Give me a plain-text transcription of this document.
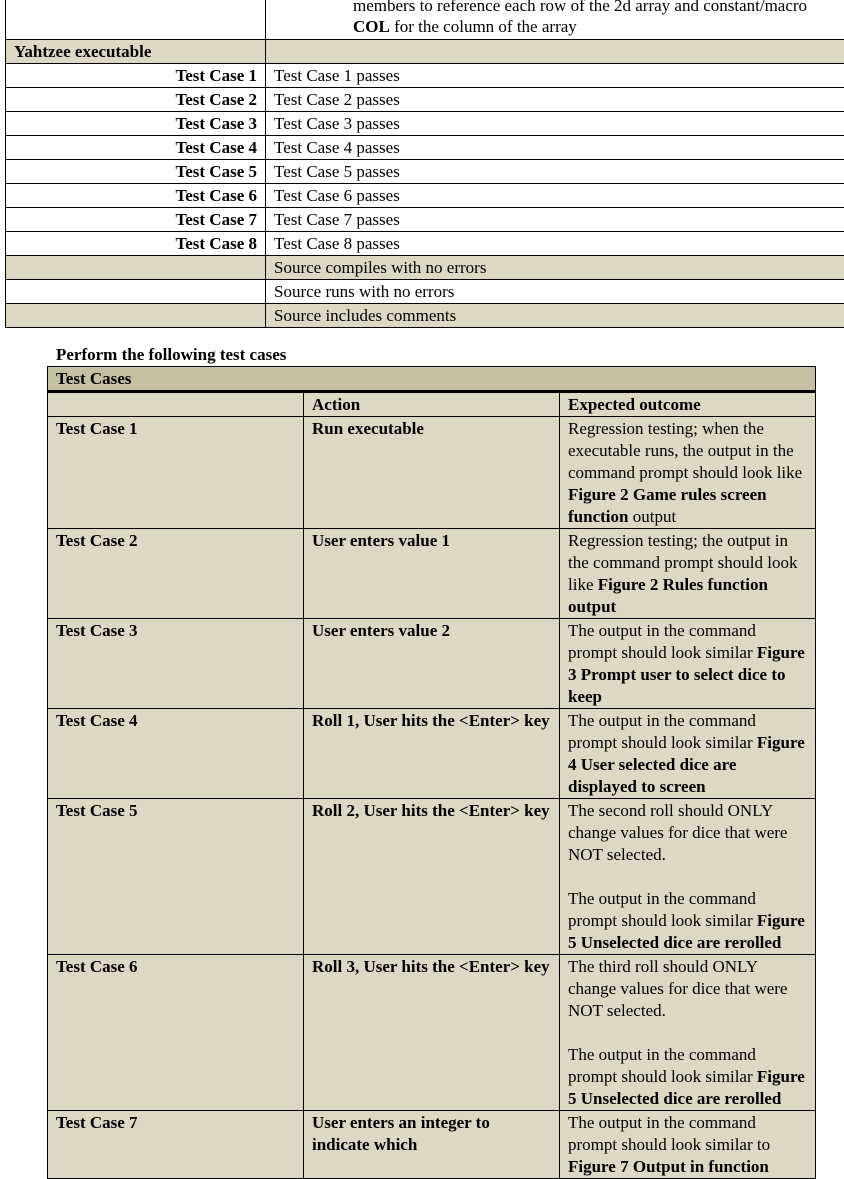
	members to reference each row of the 2d array and constant/macro COL for the column of the array
Yahtzee executable	
Test Case 1	Test Case 1 passes
Test Case 2	Test Case 2 passes
Test Case 3	Test Case 3 passes
Test Case 4	Test Case 4 passes
Test Case 5	Test Case 5 passes
Test Case 6	Test Case 6 passes
Test Case 7	Test Case 7 passes
Test Case 8	Test Case 8 passes
	Source compiles with no errors
	Source runs with no errors
	Source includes comments
Perform the following test cases
Test Cases		
	Action	Expected outcome
Test Case 1	Run executable	Regression testing; when the executable runs, the output in the command prompt should look like Figure 2 Game rules screen function output

Test Case 2	User enters value 1	Regression testing; the output in the command prompt should look like Figure 2 Rules function output

Test Case 3	User enters value 2	The output in the command prompt should look similar Figure 3 Prompt user to select dice to keep

Test Case 4	Roll 1, User hits the <Enter> key	The output in the command prompt should look similar Figure 4 User selected dice are displayed to screen

Test Case 5	Roll 2, User hits the <Enter> key	The second roll should ONLY change values for dice that were NOT selected.

The output in the command prompt should look similar Figure 5 Unselected dice are rerolled

Test Case 6	Roll 3, User hits the <Enter> key	The third roll should ONLY change values for dice that were NOT selected.

The output in the command prompt should look similar Figure 5 Unselected dice are rerolled

Test Case 7	User enters an integer to indicate which	The output in the command prompt should look similar to Figure 7 Output in function
